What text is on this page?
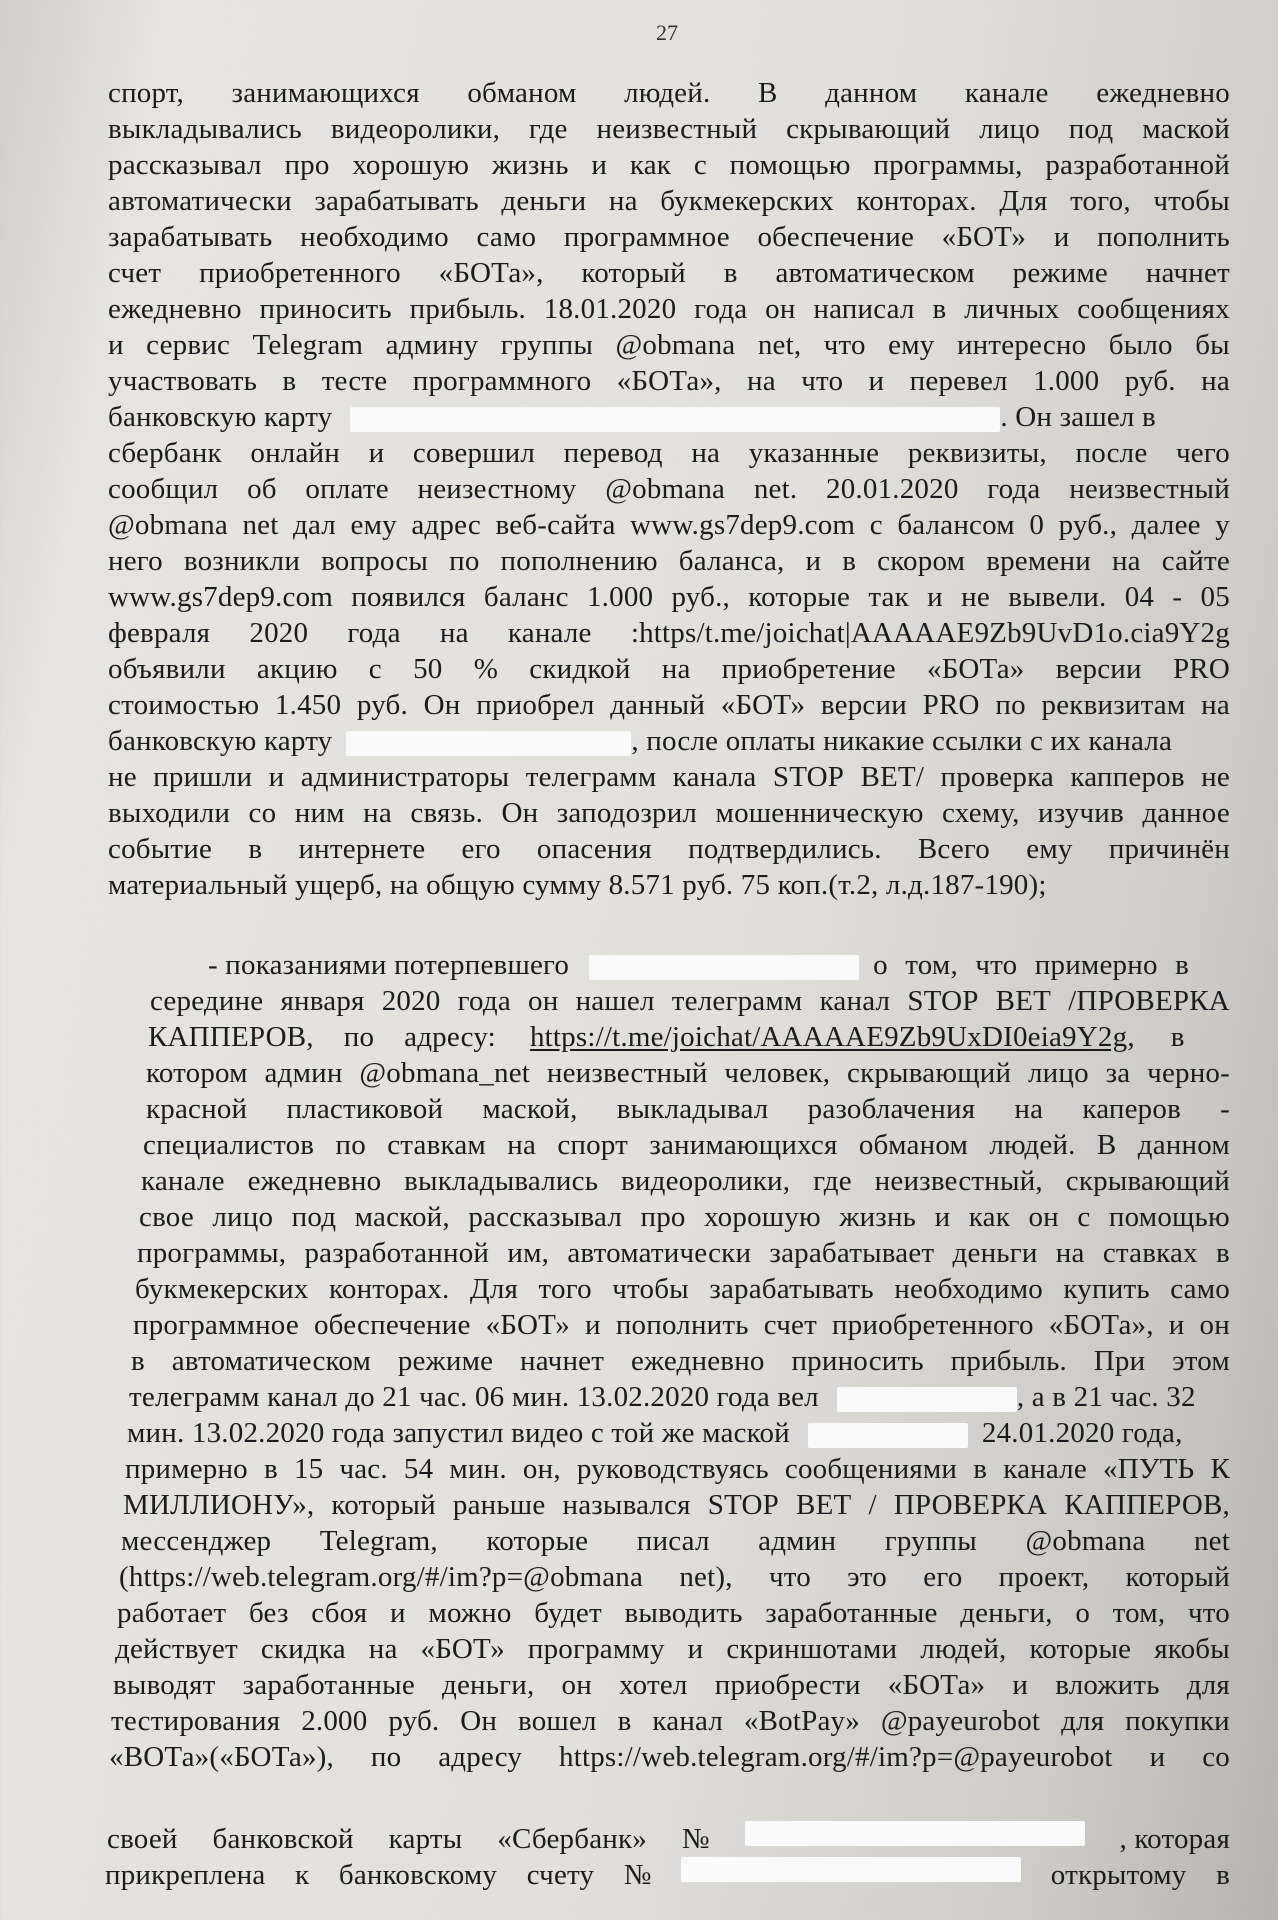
27
спорт, занимающихся обманом людей. В данном канале ежедневно
выкладывались видеоролики, где неизвестный скрывающий лицо под маской
рассказывал про хорошую жизнь и как с помощью программы, разработанной
автоматически зарабатывать деньги на букмекерских конторах. Для того, чтобы
зарабатывать необходимо само программное обеспечение «БОТ» и пополнить
счет приобретенного «БОТа», который в автоматическом режиме начнет
ежедневно приносить прибыль. 18.01.2020 года он написал в личных сообщениях
и сервис Telegram админу группы @obmana net, что ему интересно было бы
участвовать в тесте программного «БОТа», на что и перевел 1.000 руб. на
банковскую карту	. Он зашел в
сбербанк онлайн и совершил перевод на указанные реквизиты, после чего
сообщил об оплате неизестному @obmana net. 20.01.2020 года неизвестный
@obmana net дал ему адрес веб-сайта www.gs7dep9.com с балансом 0 руб., далее у
него возникли вопросы по пополнению баланса, и в скором времени на сайте
www.gs7dep9.com появился баланс 1.000 руб., которые так и не вывели. 04 - 05
февраля 2020 года на канале :https/t.me/joichat|AAAAAE9Zb9UvD1o.cia9Y2g
объявили акцию с 50 % скидкой на приобретение «БОТа» версии PRO
стоимостью 1.450 руб. Он приобрел данный «БОТ» версии PRO по реквизитам на
банковскую карту	, после оплаты никакие ссылки с их канала
не пришли и администраторы телеграмм канала STOP BET/ проверка капперов не
выходили со ним на связь. Он заподозрил мошенническую схему, изучив данное
событие в интернете его опасения подтвердились. Всего ему причинён
материальный ущерб, на общую сумму 8.571 руб. 75 коп.(т.2, л.д.187-190);
- показаниями потерпевшего	о том, что примерно в
середине января 2020 года он нашел телеграмм канал STOP BET /ПРОВЕРКА
КАППЕРОВ, по адресу: https://t.me/joichat/AAAAAE9Zb9UxDI0eia9Y2g, в
котором админ @obmana_net неизвестный человек, скрывающий лицо за черно-
красной пластиковой маской, выкладывал разоблачения на каперов -
специалистов по ставкам на спорт занимающихся обманом людей. В данном
канале ежедневно выкладывались видеоролики, где неизвестный, скрывающий
свое лицо под маской, рассказывал про хорошую жизнь и как он с помощью
программы, разработанной им, автоматически зарабатывает деньги на ставках в
букмекерских конторах. Для того чтобы зарабатывать необходимо купить само
программное обеспечение «БОТ» и пополнить счет приобретенного «БОТа», и он
в автоматическом режиме начнет ежедневно приносить прибыль. При этом
телеграмм канал до 21 час. 06 мин. 13.02.2020 года вел	, а в 21 час. 32
мин. 13.02.2020 года запустил видео с той же маской	24.01.2020 года,
примерно в 15 час. 54 мин. он, руководствуясь сообщениями в канале «ПУТЬ К
МИЛЛИОНУ», который раньше назывался STOP BET / ПРОВЕРКА КАППЕРОВ,
мессенджер Telegram, которые писал админ группы @obmana net
(https://web.telegram.org/#/im?p=@obmana net), что это его проект, который
работает без сбоя и можно будет выводить заработанные деньги, о том, что
действует скидка на «БОТ» программу и скриншотами людей, которые якобы
выводят заработанные деньги, он хотел приобрести «БОТа» и вложить для
тестирования 2.000 руб. Он вошел в канал «BotPay» @payeurobot для покупки
«ВОТа»(«БОТа»), по адресу https://web.telegram.org/#/im?p=@payeurobot и со
своей банковской карты «Сбербанк» №	, которая
прикреплена к банковскому счету №	открытому в
